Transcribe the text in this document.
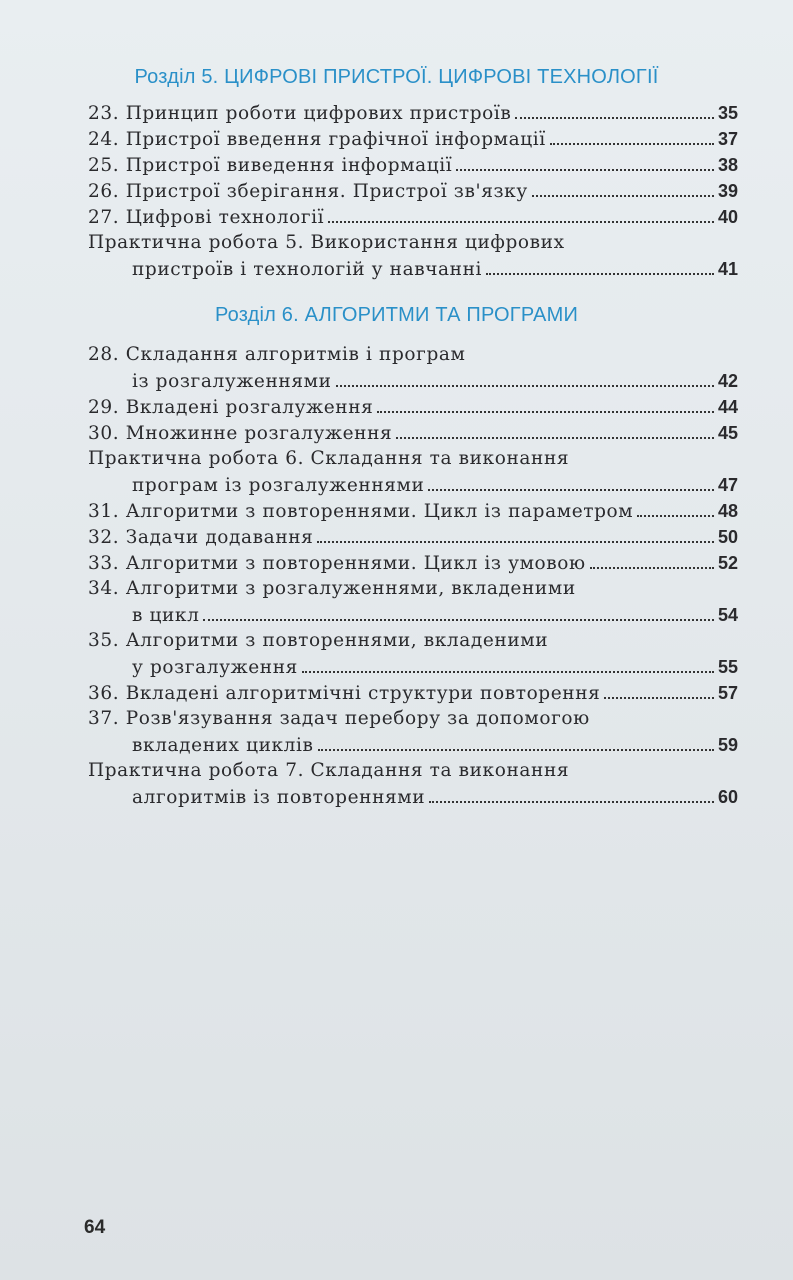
Розділ 5. ЦИФРОВІ ПРИСТРОЇ. ЦИФРОВІ ТЕХНОЛОГІЇ
23. Принцип роботи цифрових пристроїв	35
24. Пристрої введення графічної інформації	37
25. Пристрої виведення інформації	38
26. Пристрої зберігання. Пристрої зв'язку	39
27. Цифрові технології	40
Практична робота 5. Використання цифрових
пристроїв і технологій у навчанні	41
Розділ 6. АЛГОРИТМИ ТА ПРОГРАМИ
28. Складання алгоритмів і програм
із розгалуженнями	42
29. Вкладені розгалуження	44
30. Множинне розгалуження	45
Практична робота 6. Складання та виконання
програм із розгалуженнями	47
31. Алгоритми з повтореннями. Цикл із параметром	48
32. Задачи додавання	50
33. Алгоритми з повтореннями. Цикл із умовою	52
34. Алгоритми з розгалуженнями, вкладеними
в цикл	54
35. Алгоритми з повтореннями, вкладеними
у розгалуження	55
36. Вкладені алгоритмічні структури повторення	57
37. Розв'язування задач перебору за допомогою
вкладених циклів	59
Практична робота 7. Складання та виконання
алгоритмів із повтореннями	60
64
